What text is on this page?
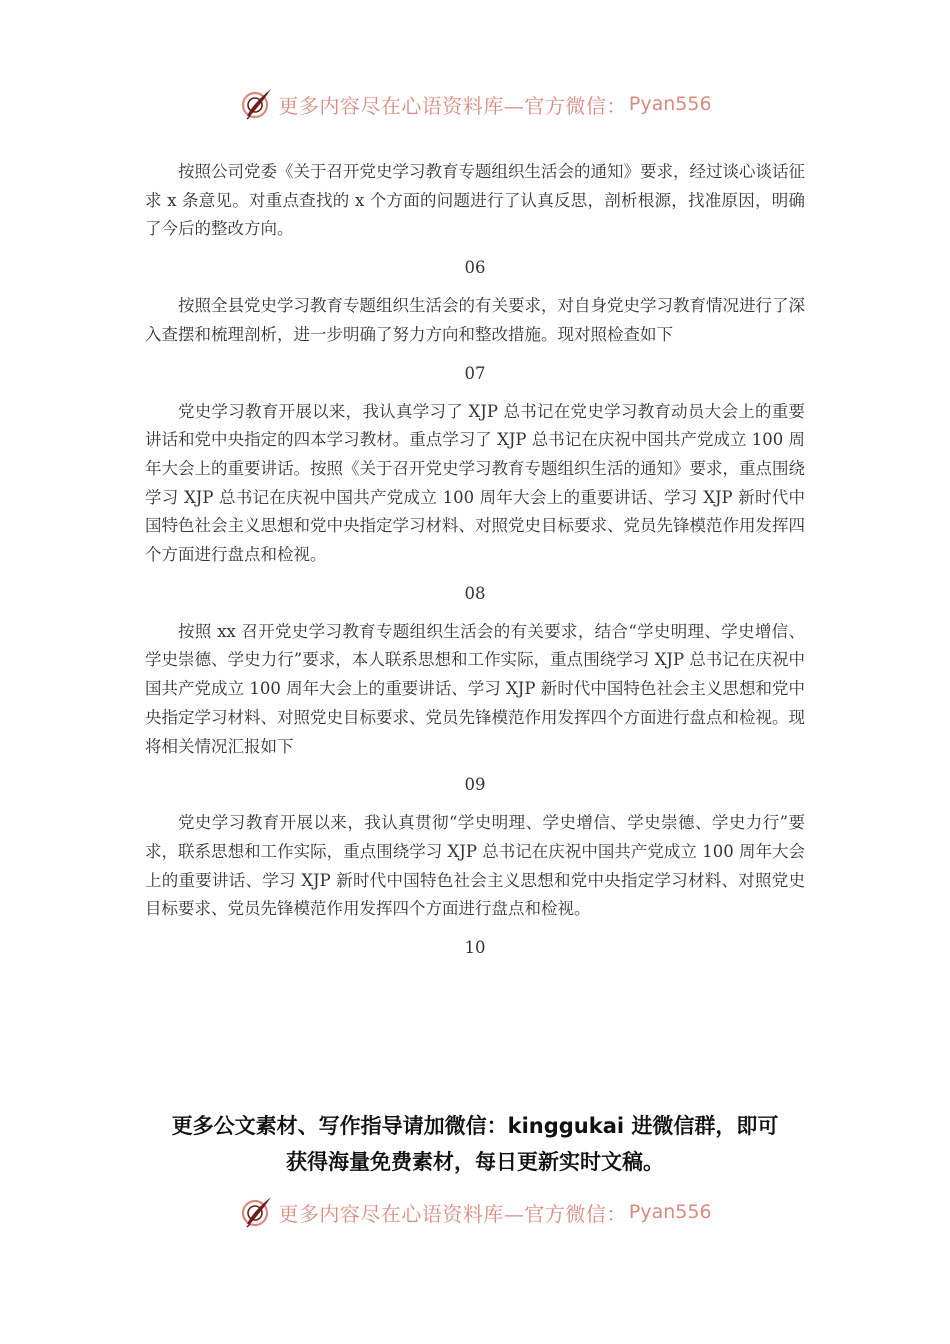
更多内容尽在心语资料库—官方微信： Pyan556

按照公司党委《关于召开党史学习教育专题组织生活会的通知》要求，经过谈心谈话征求 x 条意见。对重点查找的 x 个方面的问题进行了认真反思，剖析根源，找准原因，明确了今后的整改方向。

06

按照全县党史学习教育专题组织生活会的有关要求，对自身党史学习教育情况进行了深入查摆和梳理剖析，进一步明确了努力方向和整改措施。现对照检查如下

07

党史学习教育开展以来，我认真学习了 XJP 总书记在党史学习教育动员大会上的重要讲话和党中央指定的四本学习教材。重点学习了 XJP 总书记在庆祝中国共产党成立 100 周年大会上的重要讲话。按照《关于召开党史学习教育专题组织生活的通知》要求，重点围绕学习 XJP 总书记在庆祝中国共产党成立 100 周年大会上的重要讲话、学习 XJP 新时代中国特色社会主义思想和党中央指定学习材料、对照党史目标要求、党员先锋模范作用发挥四个方面进行盘点和检视。

08

按照 xx 召开党史学习教育专题组织生活会的有关要求，结合“学史明理、学史增信、学史崇德、学史力行”要求，本人联系思想和工作实际，重点围绕学习 XJP 总书记在庆祝中国共产党成立 100 周年大会上的重要讲话、学习 XJP 新时代中国特色社会主义思想和党中央指定学习材料、对照党史目标要求、党员先锋模范作用发挥四个方面进行盘点和检视。现将相关情况汇报如下

09

党史学习教育开展以来，我认真贯彻“学史明理、学史增信、学史崇德、学史力行”要求，联系思想和工作实际，重点围绕学习 XJP 总书记在庆祝中国共产党成立 100 周年大会上的重要讲话、学习 XJP 新时代中国特色社会主义思想和党中央指定学习材料、对照党史目标要求、党员先锋模范作用发挥四个方面进行盘点和检视。

10
更多公文素材、写作指导请加微信：kinggukai 进微信群，即可
获得海量免费素材，每日更新实时文稿。
更多内容尽在心语资料库—官方微信： Pyan556
